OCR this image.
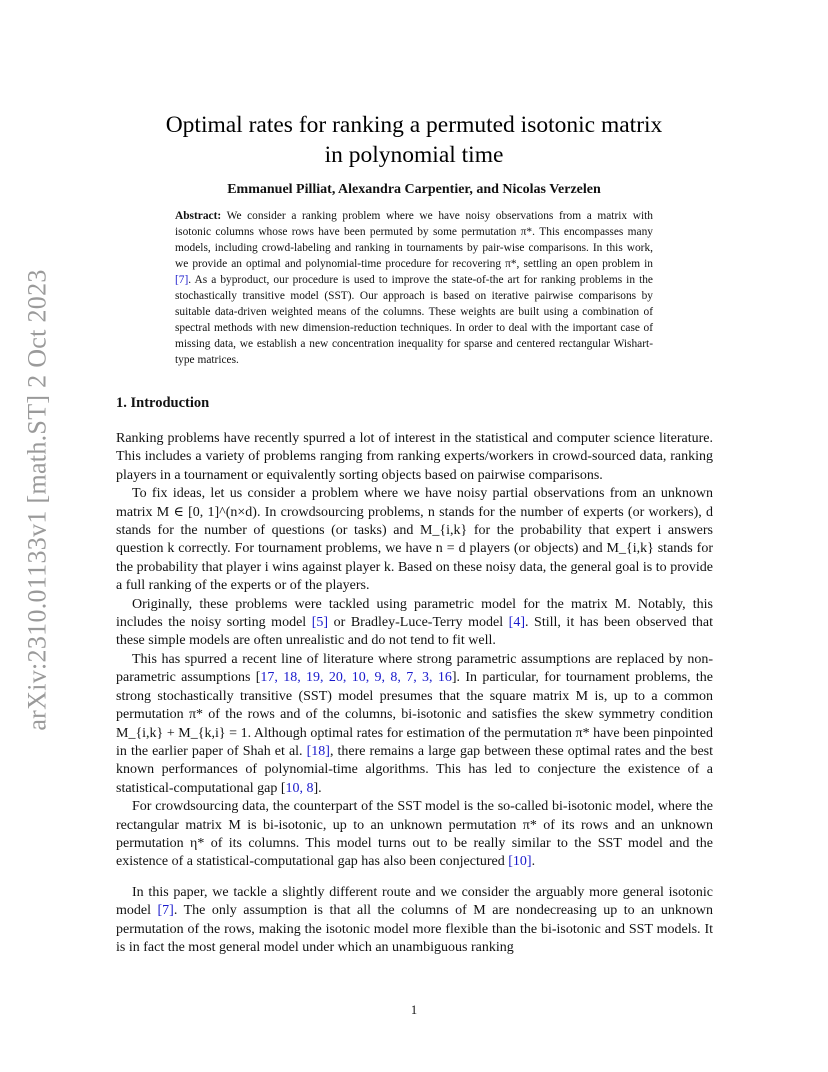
arXiv:2310.01133v1 [math.ST] 2 Oct 2023
Optimal rates for ranking a permuted isotonic matrix
in polynomial time
Emmanuel Pilliat, Alexandra Carpentier, and Nicolas Verzelen
Abstract: We consider a ranking problem where we have noisy observations from a matrix with isotonic columns whose rows have been permuted by some permutation π*. This encompasses many models, including crowd-labeling and ranking in tournaments by pair-wise comparisons. In this work, we provide an optimal and polynomial-time procedure for recovering π*, settling an open problem in [7]. As a byproduct, our procedure is used to improve the state-of-the art for ranking problems in the stochastically transitive model (SST). Our approach is based on iterative pairwise comparisons by suitable data-driven weighted means of the columns. These weights are built using a combination of spectral methods with new dimension-reduction techniques. In order to deal with the important case of missing data, we establish a new concentration inequality for sparse and centered rectangular Wishart-type matrices.
1. Introduction

Ranking problems have recently spurred a lot of interest in the statistical and computer science literature. This includes a variety of problems ranging from ranking experts/workers in crowd-sourced data, ranking players in a tournament or equivalently sorting objects based on pairwise comparisons.

To fix ideas, let us consider a problem where we have noisy partial observations from an unknown matrix M ∈ [0, 1]^(n×d). In crowdsourcing problems, n stands for the number of experts (or workers), d stands for the number of questions (or tasks) and M_{i,k} for the probability that expert i answers question k correctly. For tournament problems, we have n = d players (or objects) and M_{i,k} stands for the probability that player i wins against player k. Based on these noisy data, the general goal is to provide a full ranking of the experts or of the players.

Originally, these problems were tackled using parametric model for the matrix M. Notably, this includes the noisy sorting model [5] or Bradley-Luce-Terry model [4]. Still, it has been observed that these simple models are often unrealistic and do not tend to fit well.

This has spurred a recent line of literature where strong parametric assumptions are replaced by non-parametric assumptions [17, 18, 19, 20, 10, 9, 8, 7, 3, 16]. In particular, for tournament problems, the strong stochastically transitive (SST) model presumes that the square matrix M is, up to a common permutation π* of the rows and of the columns, bi-isotonic and satisfies the skew symmetry condition M_{i,k} + M_{k,i} = 1. Although optimal rates for estimation of the permutation π* have been pinpointed in the earlier paper of Shah et al. [18], there remains a large gap between these optimal rates and the best known performances of polynomial-time algorithms. This has led to conjecture the existence of a statistical-computational gap [10, 8].

For crowdsourcing data, the counterpart of the SST model is the so-called bi-isotonic model, where the rectangular matrix M is bi-isotonic, up to an unknown permutation π* of its rows and an unknown permutation η* of its columns. This model turns out to be really similar to the SST model and the existence of a statistical-computational gap has also been conjectured [10].

In this paper, we tackle a slightly different route and we consider the arguably more general isotonic model [7]. The only assumption is that all the columns of M are nondecreasing up to an unknown permutation of the rows, making the isotonic model more flexible than the bi-isotonic and SST models. It is in fact the most general model under which an unambiguous ranking

1
